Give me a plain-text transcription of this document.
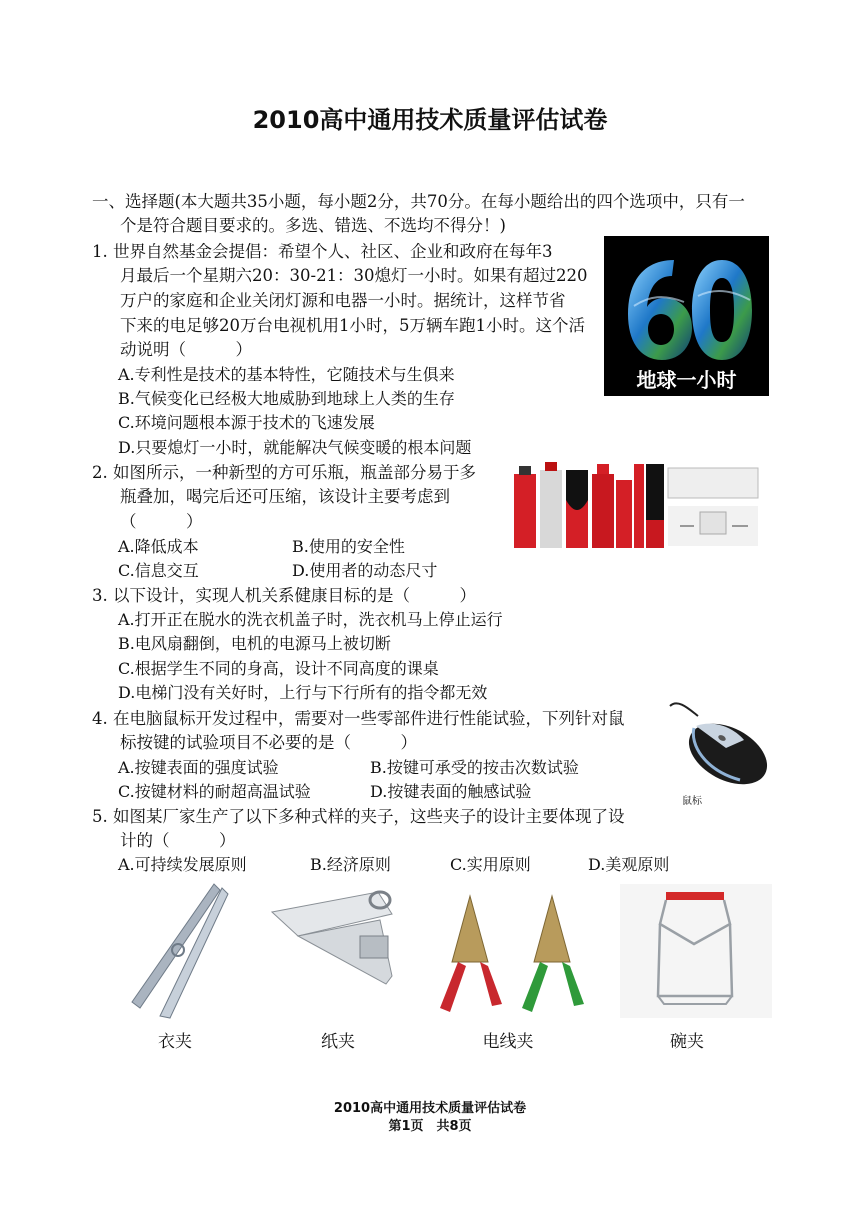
2010高中通用技术质量评估试卷
一、选择题(本大题共35小题，每小题2分，共70分。在每小题给出的四个选项中，只有一
个是符合题目要求的。多选、错选、不选均不得分！)
1. 世界自然基金会提倡：希望个人、社区、企业和政府在每年3
月最后一个星期六20：30-21：30熄灯一小时。如果有超过220
万户的家庭和企业关闭灯源和电器一小时。据统计，这样节省
下来的电足够20万台电视机用1小时，5万辆车跑1小时。这个活
动说明（　　　）
A.专利性是技术的基本特性，它随技术与生俱来
B.气候变化已经极大地威胁到地球上人类的生存
C.环境问题根本源于技术的飞速发展
D.只要熄灯一小时，就能解决气候变暖的根本问题
地球一小时
2. 如图所示，一种新型的方可乐瓶，瓶盖部分易于多
瓶叠加，喝完后还可压缩，该设计主要考虑到
（　　　）
A.降低成本	B.使用的安全性
C.信息交互	D.使用者的动态尺寸
3. 以下设计，实现人机关系健康目标的是（　　　）
A.打开正在脱水的洗衣机盖子时，洗衣机马上停止运行
B.电风扇翻倒，电机的电源马上被切断
C.根据学生不同的身高，设计不同高度的课桌
D.电梯门没有关好时，上行与下行所有的指令都无效
4. 在电脑鼠标开发过程中，需要对一些零部件进行性能试验，下列针对鼠
标按键的试验项目不必要的是（　　　）
A.按键表面的强度试验	B.按键可承受的按击次数试验
C.按键材料的耐超高温试验	D.按键表面的触感试验
鼠标
5. 如图某厂家生产了以下多种式样的夹子，这些夹子的设计主要体现了设
计的（　　　）
A.可持续发展原则	B.经济原则	C.实用原则	D.美观原则
衣夹	纸夹	电线夹	碗夹
2010高中通用技术质量评估试卷
第1页　共8页
